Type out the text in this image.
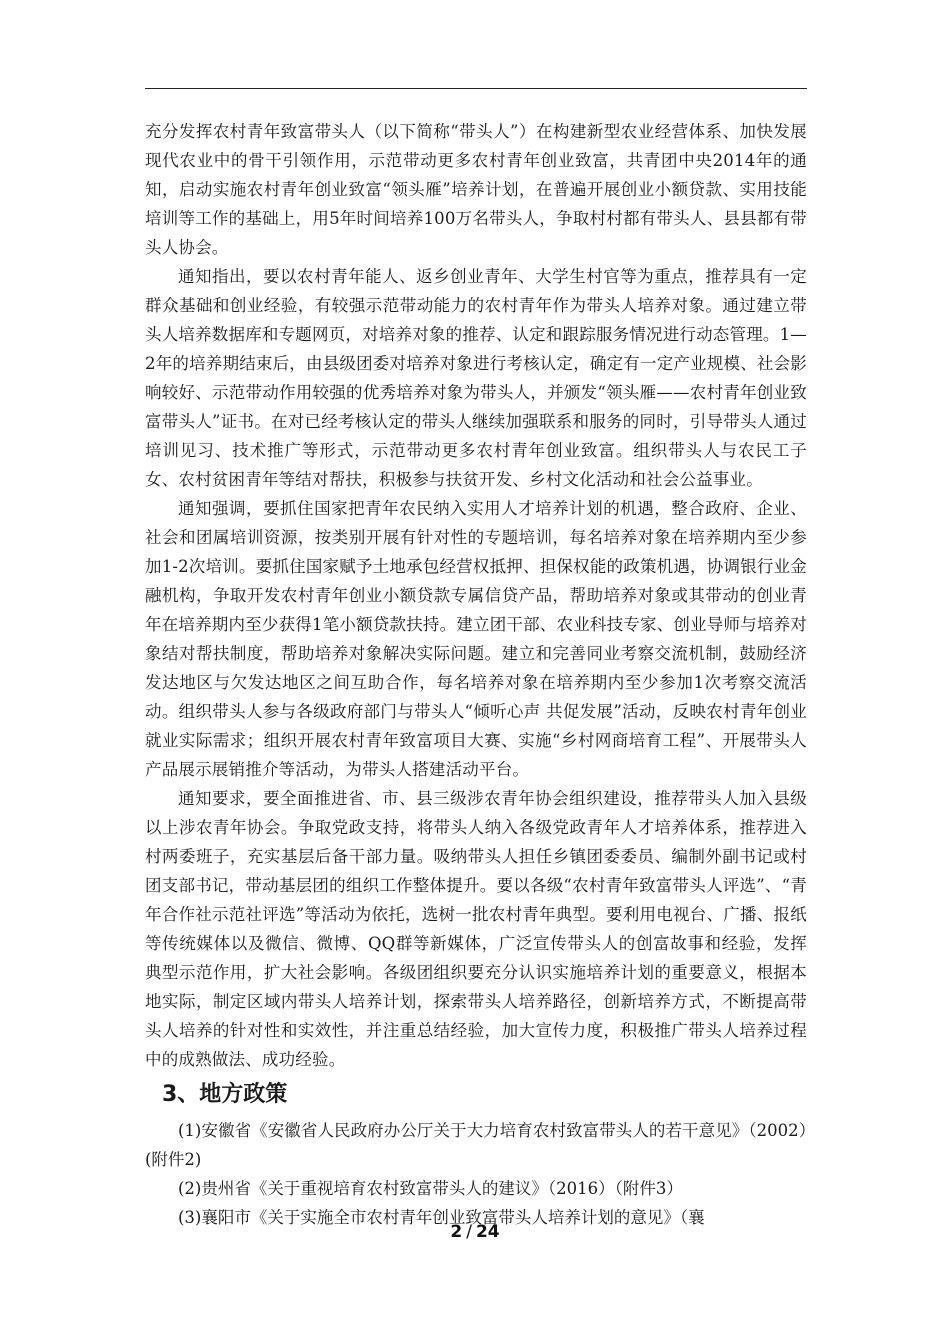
充分发挥农村青年致富带头人（以下简称“带头人”）在构建新型农业经营体系、加快发展现代农业中的骨干引领作用，示范带动更多农村青年创业致富，共青团中央2014年的通知，启动实施农村青年创业致富“领头雁”培养计划，在普遍开展创业小额贷款、实用技能培训等工作的基础上，用5年时间培养100万名带头人，争取村村都有带头人、县县都有带头人协会。

通知指出，要以农村青年能人、返乡创业青年、大学生村官等为重点，推荐具有一定群众基础和创业经验，有较强示范带动能力的农村青年作为带头人培养对象。通过建立带头人培养数据库和专题网页，对培养对象的推荐、认定和跟踪服务情况进行动态管理。1—2年的培养期结束后，由县级团委对培养对象进行考核认定，确定有一定产业规模、社会影响较好、示范带动作用较强的优秀培养对象为带头人，并颁发“领头雁——农村青年创业致富带头人”证书。在对已经考核认定的带头人继续加强联系和服务的同时，引导带头人通过培训见习、技术推广等形式，示范带动更多农村青年创业致富。组织带头人与农民工子女、农村贫困青年等结对帮扶，积极参与扶贫开发、乡村文化活动和社会公益事业。

通知强调，要抓住国家把青年农民纳入实用人才培养计划的机遇，整合政府、企业、社会和团属培训资源，按类别开展有针对性的专题培训，每名培养对象在培养期内至少参加1-2次培训。要抓住国家赋予土地承包经营权抵押、担保权能的政策机遇，协调银行业金融机构，争取开发农村青年创业小额贷款专属信贷产品，帮助培养对象或其带动的创业青年在培养期内至少获得1笔小额贷款扶持。建立团干部、农业科技专家、创业导师与培养对象结对帮扶制度，帮助培养对象解决实际问题。建立和完善同业考察交流机制，鼓励经济发达地区与欠发达地区之间互助合作，每名培养对象在培养期内至少参加1次考察交流活动。组织带头人参与各级政府部门与带头人“倾听心声 共促发展”活动，反映农村青年创业就业实际需求；组织开展农村青年致富项目大赛、实施“乡村网商培育工程”、开展带头人产品展示展销推介等活动，为带头人搭建活动平台。

通知要求，要全面推进省、市、县三级涉农青年协会组织建设，推荐带头人加入县级以上涉农青年协会。争取党政支持，将带头人纳入各级党政青年人才培养体系，推荐进入村两委班子，充实基层后备干部力量。吸纳带头人担任乡镇团委委员、编制外副书记或村团支部书记，带动基层团的组织工作整体提升。要以各级“农村青年致富带头人评选”、“青年合作社示范社评选”等活动为依托，选树一批农村青年典型。要利用电视台、广播、报纸等传统媒体以及微信、微博、QQ群等新媒体，广泛宣传带头人的创富故事和经验，发挥典型示范作用，扩大社会影响。各级团组织要充分认识实施培养计划的重要意义，根据本地实际，制定区域内带头人培养计划，探索带头人培养路径，创新培养方式，不断提高带头人培养的针对性和实效性，并注重总结经验，加大宣传力度，积极推广带头人培养过程中的成熟做法、成功经验。

3、地方政策
(1)安徽省《安徽省人民政府办公厅关于大力培育农村致富带头人的若干意见》（2002）(附件2)
(2)贵州省《关于重视培育农村致富带头人的建议》（2016）（附件3）
(3)襄阳市《关于实施全市农村青年创业致富带头人培养计划的意见》（襄
2 / 24
